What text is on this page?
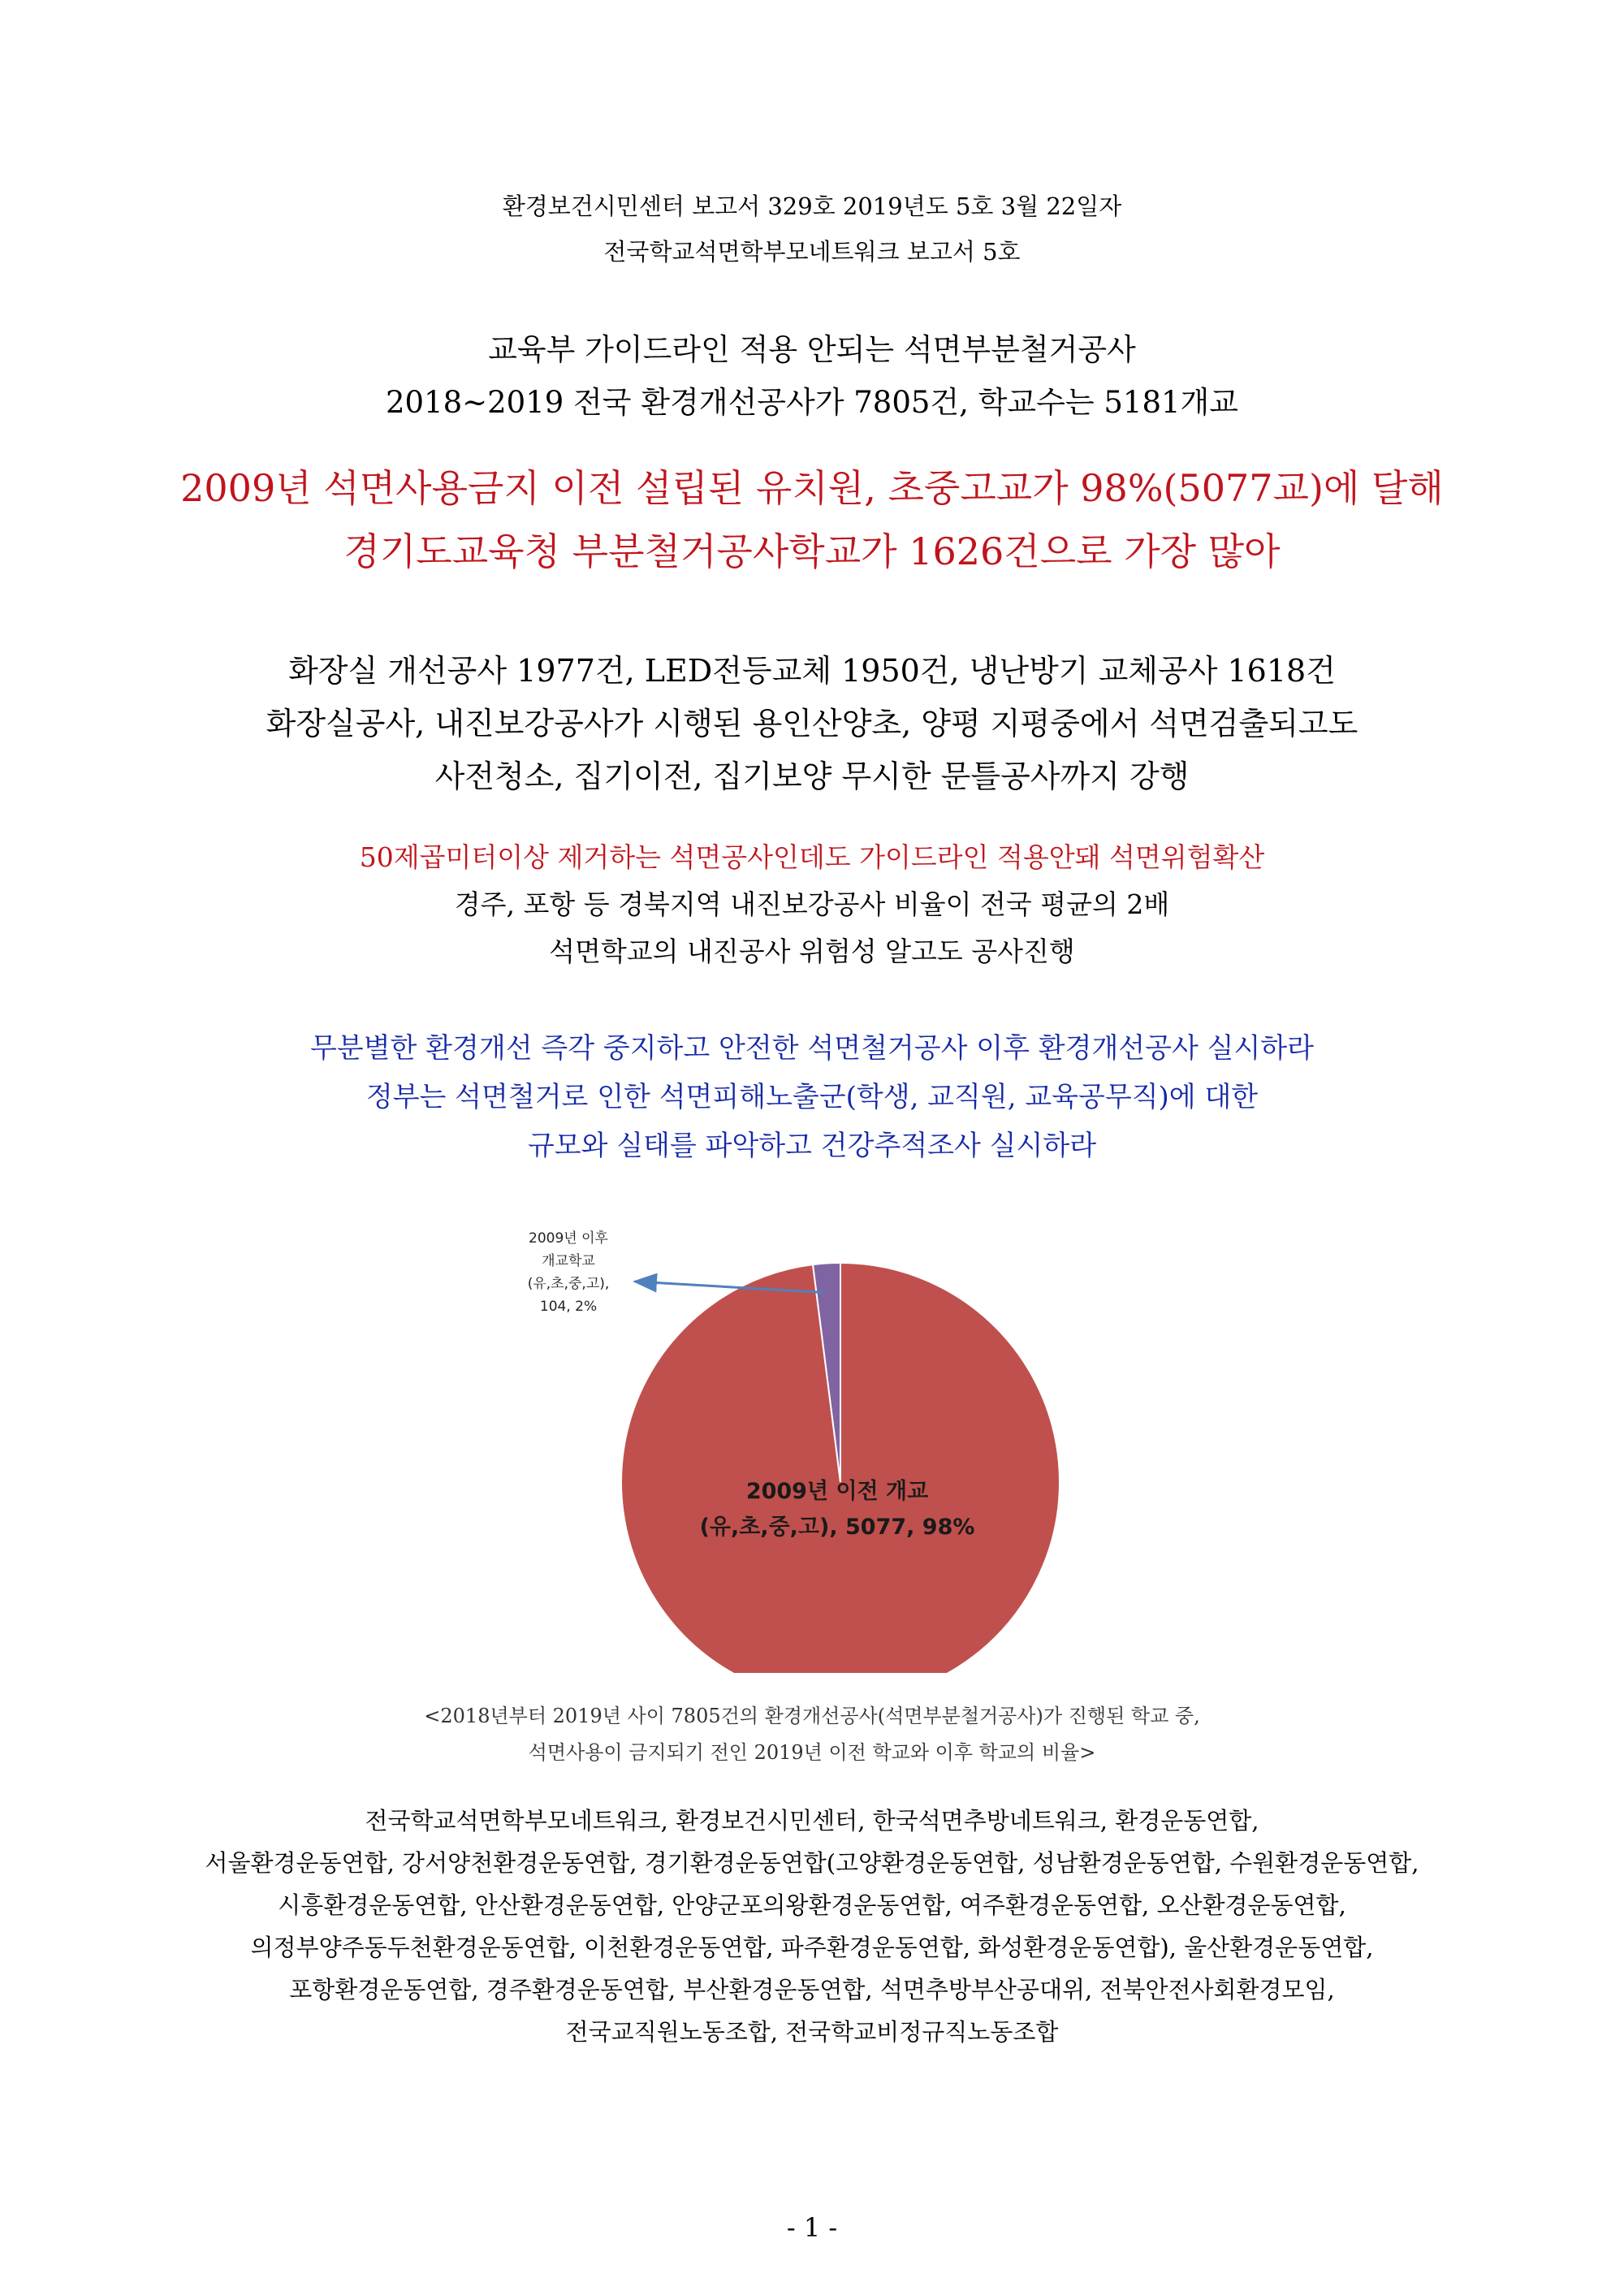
환경보건시민센터 보고서 329호 2019년도 5호 3월 22일자
전국학교석면학부모네트워크 보고서 5호
교육부 가이드라인 적용 안되는 석면부분철거공사
2018~2019 전국 환경개선공사가 7805건, 학교수는 5181개교
2009년 석면사용금지 이전 설립된 유치원, 초중고교가 98%(5077교)에 달해
경기도교육청 부분철거공사학교가 1626건으로 가장 많아
화장실 개선공사 1977건, LED전등교체 1950건, 냉난방기 교체공사 1618건
화장실공사, 내진보강공사가 시행된 용인산양초, 양평 지평중에서 석면검출되고도
사전청소, 집기이전, 집기보양 무시한 문틀공사까지 강행
50제곱미터이상 제거하는 석면공사인데도 가이드라인 적용안돼 석면위험확산
경주, 포항 등 경북지역 내진보강공사 비율이 전국 평균의 2배
석면학교의 내진공사 위험성 알고도 공사진행
무분별한 환경개선 즉각 중지하고 안전한 석면철거공사 이후 환경개선공사 실시하라
정부는 석면철거로 인한 석면피해노출군(학생, 교직원, 교육공무직)에 대한
규모와 실태를 파악하고 건강추적조사 실시하라
2009년 이후
개교학교
(유,초,중,고),
104, 2%
2009년 이전 개교
(유,초,중,고), 5077, 98%
<2018년부터 2019년 사이 7805건의 환경개선공사(석면부분철거공사)가 진행된 학교 중,
석면사용이 금지되기 전인 2019년 이전 학교와 이후 학교의 비율>
전국학교석면학부모네트워크, 환경보건시민센터, 한국석면추방네트워크, 환경운동연합,
서울환경운동연합, 강서양천환경운동연합, 경기환경운동연합(고양환경운동연합, 성남환경운동연합, 수원환경운동연합,
시흥환경운동연합, 안산환경운동연합, 안양군포의왕환경운동연합, 여주환경운동연합, 오산환경운동연합,
의정부양주동두천환경운동연합, 이천환경운동연합, 파주환경운동연합, 화성환경운동연합), 울산환경운동연합,
포항환경운동연합, 경주환경운동연합, 부산환경운동연합, 석면추방부산공대위, 전북안전사회환경모임,
전국교직원노동조합, 전국학교비정규직노동조합
- 1 -
